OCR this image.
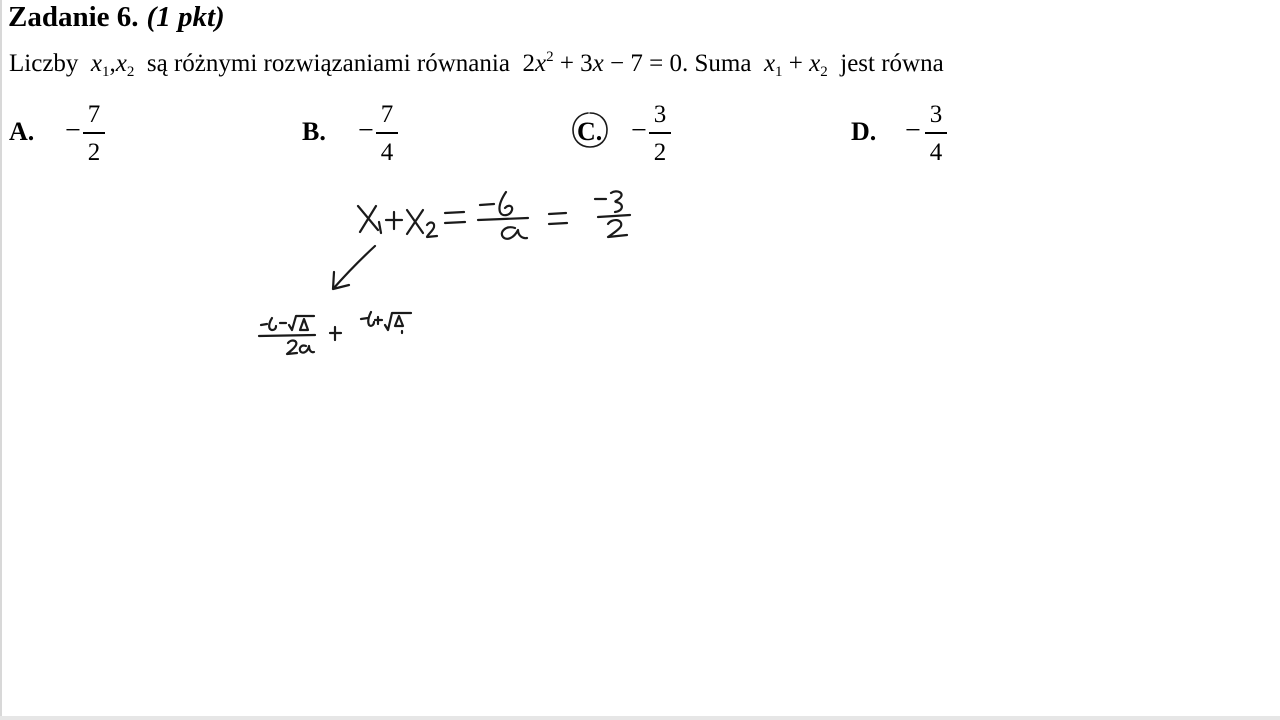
Zadanie 6. (1 pkt)
Liczby $x_1,x_2$ są różnymi rozwiązaniami równania $2x^2 + 3x - 7 = 0$. Suma $x_1 + x_2$ jest równa
A. −
7
2
B. −
7
4
C. −
3
2
D. −
3
4
